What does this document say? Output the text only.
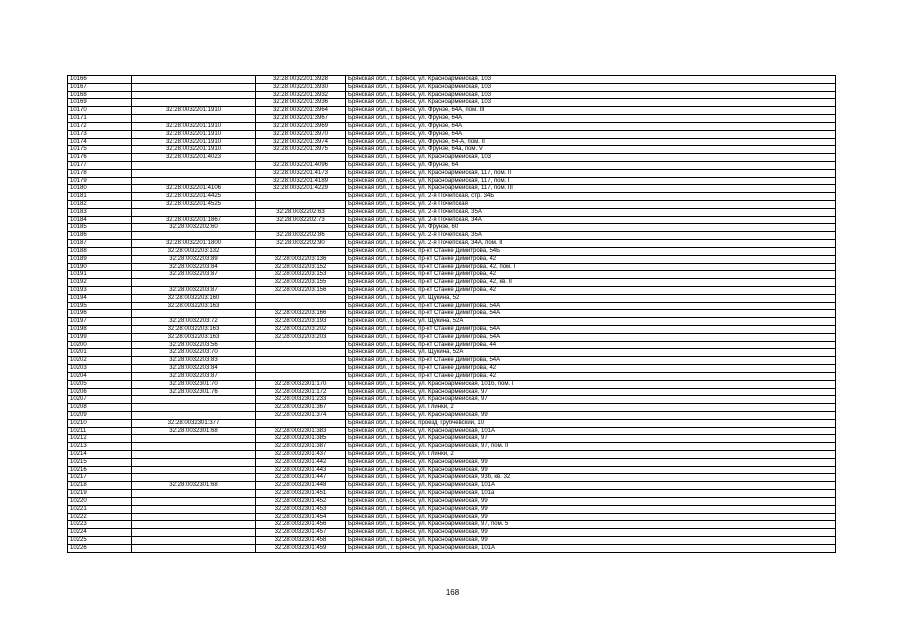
10166		32:28:0032201:3928	Брянская обл., г. Брянск, ул. Красноармейская, 103
10167		32:28:0032201:3930	Брянская обл., г. Брянск, ул. Красноармейская, 103
10168		32:28:0032201:3932	Брянская обл., г. Брянск, ул. Красноармейская, 103
10169		32:28:0032201:3936	Брянская обл., г. Брянск, ул. Красноармейская, 103
10170	32:28:0032201:1910	32:28:0032201:3964	Брянская обл., г. Брянск, ул. Фрунзе, 64А, пом. III
10171		32:28:0032201:3967	Брянская обл., г. Брянск, ул. Фрунзе, 64А
10172	32:28:0032201:1910	32:28:0032201:3969	Брянская обл., г. Брянск, ул. Фрунзе, 64А
10173	32:28:0032201:1910	32:28:0032201:3970	Брянская обл., г. Брянск, ул. Фрунзе, 64А
10174	32:28:0032201:1910	32:28:0032201:3974	Брянская обл., г. Брянск, ул. Фрунзе, 64-А, пом. II
10175	32:28:0032201:1910	32:28:0032201:3975	Брянская обл., г. Брянск, ул. Фрунзе, 64а, пом. V
10176	32:28:0032201:4023		Брянская обл., г. Брянск, ул. Красноармейская, 103
10177		32:28:0032201:4096	Брянская обл., г. Брянск, ул. Фрунзе, 64
10178		32:28:0032201:4173	Брянская обл., г. Брянск, ул. Красноармейская, 117, пом. II
10179		32:28:0032201:4189	Брянская обл., г. Брянск, ул. Красноармейская, 117, пом. I
10180	32:28:0032201:4106	32:28:0032201:4229	Брянская обл., г. Брянск, ул. Красноармейская, 117, пом. III
10181	32:28:0032201:4425		Брянская обл., г. Брянск, ул. 2-я Почепская, стр. 34Б
10182	32:28:0032201:4525		Брянская обл., г. Брянск, ул. 2-я Почепская
10183		32:28:0032202:63	Брянская обл., г. Брянск, ул. 2-я Почепская, 35А
10184	32:28:0032201:1867	32:28:0032202:73	Брянская обл., г. Брянск, ул. 2-я Почепская, 34А
10185	32:28:0032202:60		Брянская обл., г. Брянск, ул. Фрунзе, 60
10186		32:28:0032202:86	Брянская обл., г. Брянск, ул. 2-я Почепская, 35А
10187	32:28:0032201:1800	32:28:0032202:90	Брянская обл., г. Брянск, ул. 2-я Почепская, 34А, пом. II
10188	32:28:0032203:132		Брянская обл., г. Брянск, пр-кт Станке Димитрова, 54Б
10189	32:28:0032203:89	32:28:0032203:136	Брянская обл., г. Брянск, пр-кт Станке Димитрова, 42
10190	32:28:0032203:84	32:28:0032203:152	Брянская обл., г. Брянск, пр-кт Станке Димитрова, 42, пом. I
10191	32:28:0032203:87	32:28:0032203:153	Брянская обл., г. Брянск, пр-кт Станке Димитрова, 42
10192		32:28:0032203:155	Брянская обл., г. Брянск, пр-кт Станке Димитрова, 42, кв. II
10193	32:28:0032203:87	32:28:0032203:156	Брянская обл., г. Брянск, пр-кт Станке Димитрова, 42
10194	32:28:0032203:160		Брянская обл., г. Брянск, ул. Щукина, 52
10195	32:28:0032203:163		Брянская обл., г. Брянск, пр-кт Станке Димитрова, 54А
10196		32:28:0032203:166	Брянская обл., г. Брянск, пр-кт Станке Димитрова, 54А
10197	32:28:0032203:72	32:28:0032203:193	Брянская обл., г. Брянск, ул. Щукина, 52А
10198	32:28:0032203:163	32:28:0032203:202	Брянская обл., г. Брянск, пр-кт Станке Димитрова, 54А
10199	32:28:0032203:163	32:28:0032203:203	Брянская обл., г. Брянск, пр-кт Станке Димитрова, 54А
10200	32:28:0032203:56		Брянская обл., г. Брянск, пр-кт Станке Димитрова, 44
10201	32:28:0032203:70		Брянская обл., г. Брянск, ул. Щукина, 52А
10202	32:28:0032203:83		Брянская обл., г. Брянск, пр-кт Станке Димитрова, 54А
10203	32:28:0032203:84		Брянская обл., г. Брянск, пр-кт Станке Димитрова, 42
10204	32:28:0032203:87		Брянская обл., г. Брянск, пр-кт Станке Димитрова, 42
10205	32:28:0032301:70	32:28:0032301:170	Брянская обл., г. Брянск, ул. Красноармейская, 101б, пом. I
10206	32:28:0032301:76	32:28:0032301:172	Брянская обл., г. Брянск, ул. Красноармейская, 97
10207		32:28:0032301:233	Брянская обл., г. Брянск, ул. Красноармейская, 97
10208		32:28:0032301:367	Брянская обл., г. Брянск, ул. Глинки, 2
10209		32:28:0032301:374	Брянская обл., г. Брянск, ул. Красноармейская, 99
10210	32:28:0032301:377		Брянская обл., г. Брянск, проезд Трубчевский, 10
10211	32:28:0032301:68	32:28:0032301:383	Брянская обл., г. Брянск, ул. Красноармейская, 101А
10212		32:28:0032301:385	Брянская обл., г. Брянск, ул. Красноармейская, 97
10213		32:28:0032301:387	Брянская обл., г. Брянск, ул. Красноармейская, 97, пом. II
10214		32:28:0032301:437	Брянская обл., г. Брянск, ул. Глинки, 2
10215		32:28:0032301:442	Брянская обл., г. Брянск, ул. Красноармейская, 99
10216		32:28:0032301:443	Брянская обл., г. Брянск, ул. Красноармейская, 99
10217		32:28:0032301:447	Брянская обл., г. Брянск, ул. Красноармейская, 93б, кв. 32
10218	32:28:0032301:68	32:28:0032301:448	Брянская обл., г. Брянск, ул. Красноармейская, 101А
10219		32:28:0032301:451	Брянская обл., г. Брянск, ул. Красноармейская, 101а
10220		32:28:0032301:452	Брянская обл., г. Брянск, ул. Красноармейская, 99
10221		32:28:0032301:453	Брянская обл., г. Брянск, ул. Красноармейская, 99
10222		32:28:0032301:454	Брянская обл., г. Брянск, ул. Красноармейская, 99
10223		32:28:0032301:456	Брянская обл., г. Брянск, ул. Красноармейская, 97, пом. 5
10224		32:28:0032301:457	Брянская обл., г. Брянск, ул. Красноармейская, 99
10225		32:28:0032301:458	Брянская обл., г. Брянск, ул. Красноармейская, 99
10226		32:28:0032301:459	Брянская обл., г. Брянск, ул. Красноармейская, 101А
168
